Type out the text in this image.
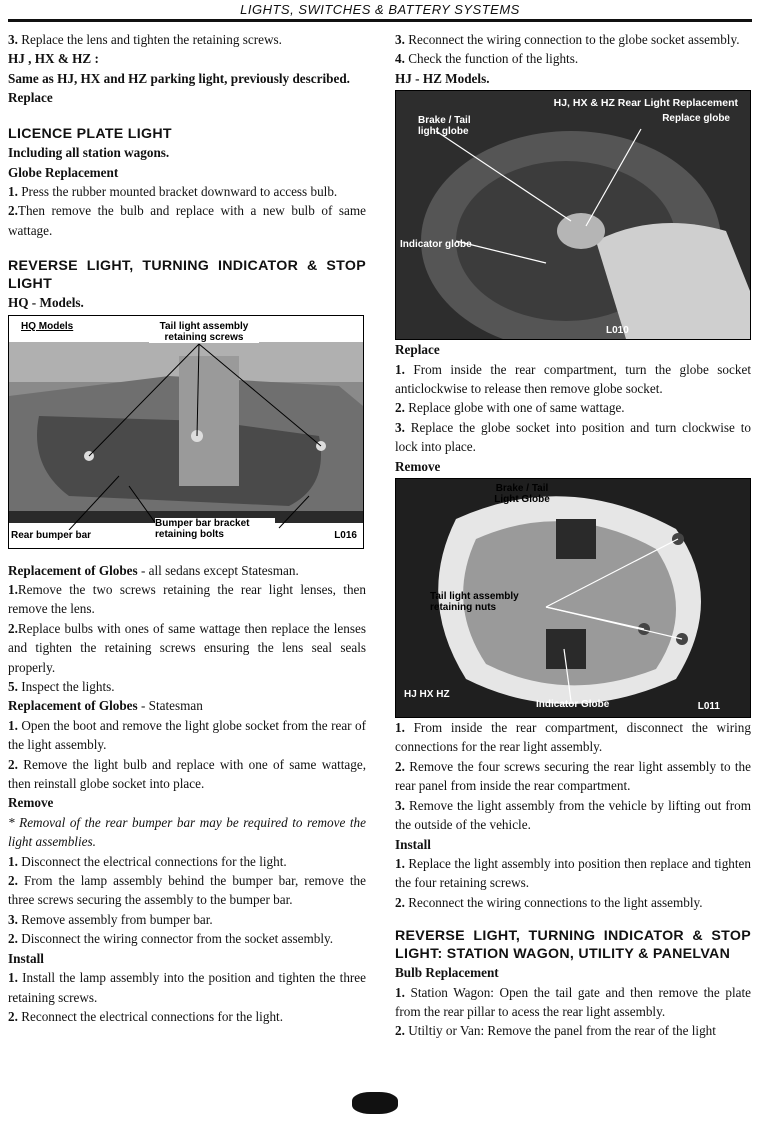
LIGHTS, SWITCHES & BATTERY SYSTEMS

3. Replace the lens and tighten the retaining screws.

HJ , HX & HZ :

Same as HJ, HX and HZ parking light, previously described.

Replace

LICENCE PLATE LIGHT

Including all station wagons.

Globe Replacement

1. Press the rubber mounted bracket downward to access bulb.

2.Then remove the bulb and replace with a new bulb of same wattage.

REVERSE LIGHT, TURNING INDICATOR & STOP LIGHT

HQ - Models.

HQ Models	Tail light assembly retaining screws
Rear bumper bar
Bumper bar bracket retaining bolts	L016

Replacement of Globes - all sedans except Statesman.

1.Remove the two screws retaining the rear light lenses, then remove the lens.

2.Replace bulbs with ones of same wattage then replace the lenses and tighten the retaining screws ensuring the lens seal seals properly.

5. Inspect the lights.

Replacement of Globes - Statesman

1. Open the boot and remove the light globe socket from the rear of the light assembly.

2. Remove the light bulb and replace with one of same wattage, then reinstall globe socket into place.

Remove

* Removal of the rear bumper bar may be required to remove the light assemblies.

1. Disconnect the electrical connections for the light.

2. From the lamp assembly behind the bumper bar, remove the three screws securing the assembly to the bumper bar.

3. Remove assembly from bumper bar.

2. Disconnect the wiring connector from the socket assembly.

Install

1. Install the lamp assembly into the position and tighten the three retaining screws.

2. Reconnect the electrical connections for the light.

3. Reconnect the wiring connection to the globe socket assembly.

4. Check the function of the lights.

HJ - HZ Models.

HJ, HX & HZ Rear Light Replacement
Replace globe
Brake / Tail light globe
Indicator globe
L010

Replace

1. From inside the rear compartment, turn the globe socket anticlockwise to release then remove globe socket.

2. Replace globe with one of same wattage.

3. Replace the globe socket into position and turn clockwise to lock into place.

Remove

Brake / Tail Light Globe
Tail light assembly retaining nuts
HJ HX HZ
Indicator Globe	L011

1. From inside the rear compartment, disconnect the wiring connections for the rear light assembly.

2. Remove the four screws securing the rear light assembly to the rear panel from inside the rear compartment.

3. Remove the light assembly from the vehicle by lifting out from the outside of the vehicle.

Install

1. Replace the light assembly into position then replace and tighten the four retaining screws.

2. Reconnect the wiring connections to the light assembly.

REVERSE LIGHT, TURNING INDICATOR & STOP LIGHT: STATION WAGON, UTILITY & PANELVAN

Bulb Replacement

1. Station Wagon: Open the tail gate and then remove the plate from the rear pillar to acess the rear light assembly.

2. Utiltiy or Van: Remove the panel from the rear of the light
